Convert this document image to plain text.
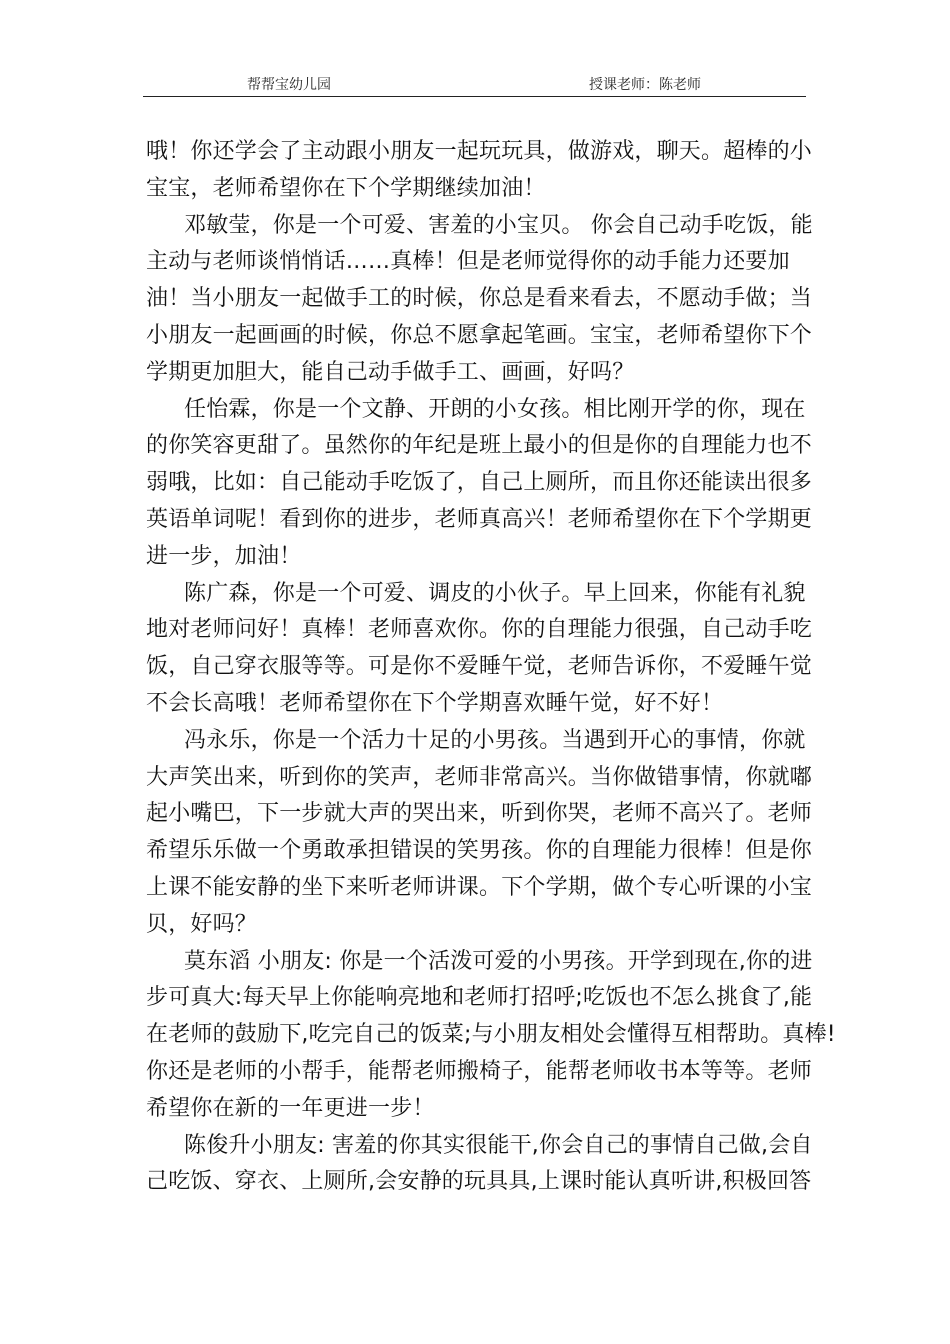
帮帮宝幼儿园	授课老师：陈老师
哦！你还学会了主动跟小朋友一起玩玩具，做游戏，聊天。超棒的小
宝宝，老师希望你在下个学期继续加油！
邓敏莹，你是一个可爱、害羞的小宝贝。 你会自己动手吃饭，能
主动与老师谈悄悄话……真棒！但是老师觉得你的动手能力还要加
油！当小朋友一起做手工的时候，你总是看来看去，不愿动手做；当
小朋友一起画画的时候，你总不愿拿起笔画。宝宝，老师希望你下个
学期更加胆大，能自己动手做手工、画画，好吗？
任怡霖，你是一个文静、开朗的小女孩。相比刚开学的你，现在
的你笑容更甜了。虽然你的年纪是班上最小的但是你的自理能力也不
弱哦，比如：自己能动手吃饭了，自己上厕所，而且你还能读出很多
英语单词呢！看到你的进步，老师真高兴！老师希望你在下个学期更
进一步，加油！
陈广森，你是一个可爱、调皮的小伙子。早上回来，你能有礼貌
地对老师问好！真棒！老师喜欢你。你的自理能力很强，自己动手吃
饭，自己穿衣服等等。可是你不爱睡午觉，老师告诉你，不爱睡午觉
不会长高哦！老师希望你在下个学期喜欢睡午觉，好不好！
冯永乐，你是一个活力十足的小男孩。当遇到开心的事情，你就
大声笑出来，听到你的笑声，老师非常高兴。当你做错事情，你就嘟
起小嘴巴，下一步就大声的哭出来，听到你哭，老师不高兴了。老师
希望乐乐做一个勇敢承担错误的笑男孩。你的自理能力很棒！但是你
上课不能安静的坐下来听老师讲课。下个学期，做个专心听课的小宝
贝，好吗？
莫东滔 小朋友: 你是一个活泼可爱的小男孩。开学到现在,你的进
步可真大:每天早上你能响亮地和老师打招呼;吃饭也不怎么挑食了,能
在老师的鼓励下,吃完自己的饭菜;与小朋友相处会懂得互相帮助。真棒!
你还是老师的小帮手，能帮老师搬椅子，能帮老师收书本等等。老师
希望你在新的一年更进一步！
陈俊升小朋友: 害羞的你其实很能干,你会自己的事情自己做,会自
己吃饭、穿衣、上厕所,会安静的玩具具,上课时能认真听讲,积极回答
